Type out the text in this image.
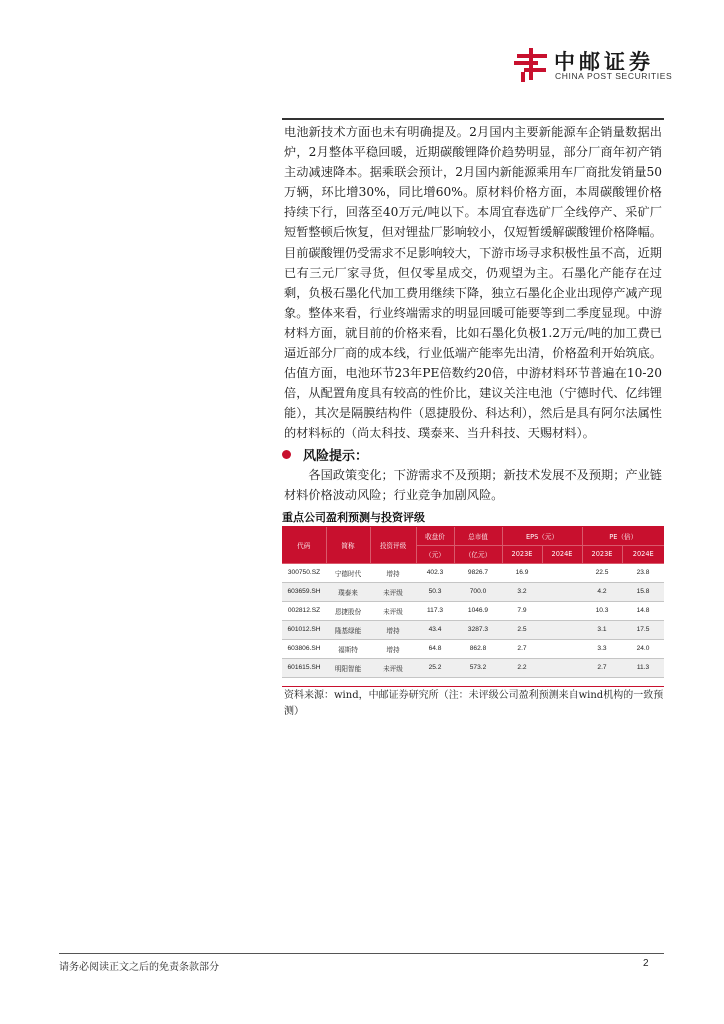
中邮证券
CHINA POST SECURITIES
电池新技术方面也未有明确提及。2月国内主要新能源车企销量数据出炉，2月整体平稳回暖，近期碳酸锂降价趋势明显，部分厂商年初产销主动减速降本。据乘联会预计，2月国内新能源乘用车厂商批发销量50万辆，环比增30%，同比增60%。原材料价格方面，本周碳酸锂价格持续下行，回落至40万元/吨以下。本周宜春选矿厂全线停产、采矿厂短暂整顿后恢复，但对锂盐厂影响较小，仅短暂缓解碳酸锂价格降幅。目前碳酸锂仍受需求不足影响较大，下游市场寻求积极性虽不高，近期已有三元厂家寻货，但仅零星成交，仍观望为主。石墨化产能存在过剩，负极石墨化代加工费用继续下降，独立石墨化企业出现停产减产现象。整体来看，行业终端需求的明显回暖可能要等到二季度显现。中游材料方面，就目前的价格来看，比如石墨化负极1.2万元/吨的加工费已逼近部分厂商的成本线，行业低端产能率先出清，价格盈利开始筑底。估值方面，电池环节23年PE倍数约20倍，中游材料环节普遍在10-20倍，从配置角度具有较高的性价比，建议关注电池（宁德时代、亿纬锂能），其次是隔膜结构件（恩捷股份、科达利），然后是具有阿尔法属性的材料标的（尚太科技、璞泰来、当升科技、天赐材料）。
风险提示：
各国政策变化；下游需求不及预期；新技术发展不及预期；产业链材料价格波动风险；行业竞争加剧风险。
重点公司盈利预测与投资评级
代码	简称	投资评级	收盘价	总市值	EPS（元）		PE（倍）	
			（元）	（亿元）	2023E	2024E	2023E	2024E
300750.SZ	宁德时代	增持	402.3	9826.7	16.9		22.5	23.8
603659.SH	璞泰来	未评级	50.3	700.0	3.2		4.2	15.8
002812.SZ	恩捷股份	未评级	117.3	1046.9	7.9		10.3	14.8
601012.SH	隆基绿能	增持	43.4	3287.3	2.5		3.1	17.5
603806.SH	福斯特	增持	64.8	862.8	2.7		3.3	24.0
601615.SH	明阳智能	未评级	25.2	573.2	2.2		2.7	11.3
资料来源：wind，中邮证券研究所（注：未评级公司盈利预测来自wind机构的一致预测）
请务必阅读正文之后的免责条款部分	2
